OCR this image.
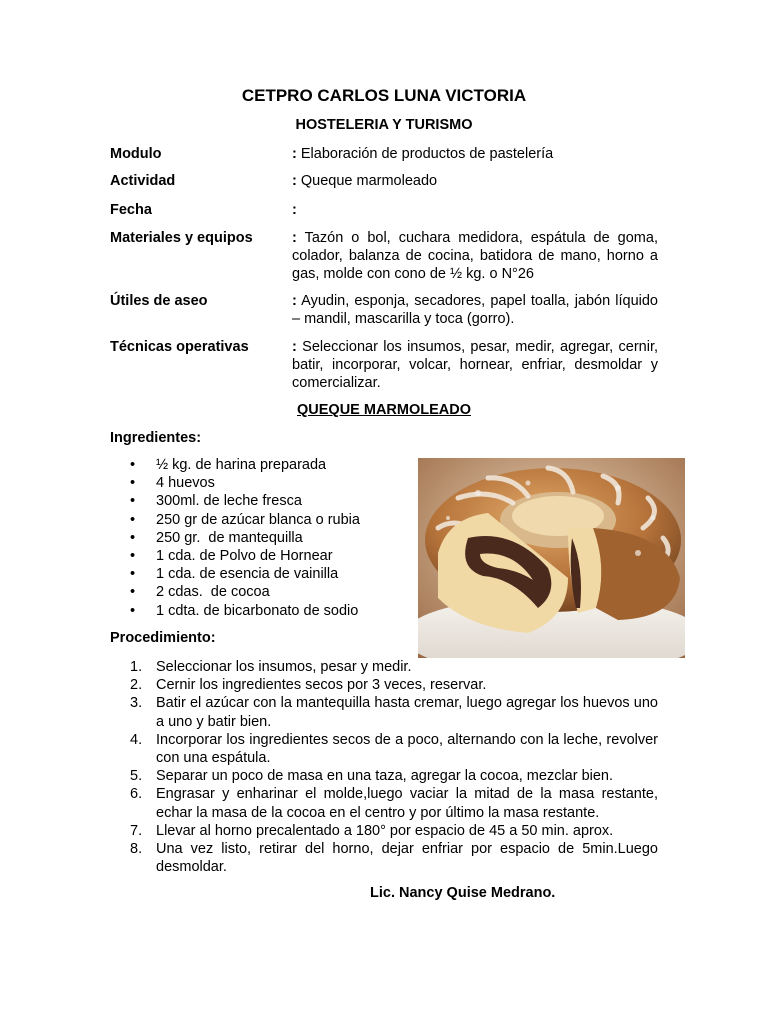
CETPRO CARLOS LUNA VICTORIA
HOSTELERIA Y TURISMO
Modulo	: Elaboración de productos de pastelería
Actividad	: Queque marmoleado
Fecha	:
Materiales y equipos	: Tazón o bol, cuchara medidora, espátula de goma, colador, balanza de cocina, batidora de mano, horno a gas, molde con cono de ½ kg. o N°26
Útiles de aseo	: Ayudin, esponja, secadores, papel toalla, jabón líquido – mandil, mascarilla y toca (gorro).
Técnicas operativas	: Seleccionar los insumos, pesar, medir, agregar, cernir, batir, incorporar, volcar, hornear, enfriar, desmoldar y comercializar.
QUEQUE MARMOLEADO
Ingredientes:
• ½ kg. de harina preparada
• 4 huevos
• 300ml. de leche fresca
• 250 gr de azúcar blanca o rubia
• 250 gr.  de mantequilla
• 1 cda. de Polvo de Hornear
• 1 cda. de esencia de vainilla
• 2 cdas.  de cocoa
• 1 cdta. de bicarbonato de sodio
Procedimiento:
1. Seleccionar los insumos, pesar y medir.
2. Cernir los ingredientes secos por 3 veces, reservar.
3. Batir el azúcar con la mantequilla hasta cremar, luego agregar los huevos uno a uno y batir bien.
4. Incorporar los ingredientes secos de a poco, alternando con la leche, revolver con una espátula.
5. Separar un poco de masa en una taza, agregar la cocoa, mezclar bien.
6. Engrasar y enharinar el molde,luego vaciar la mitad de la masa restante, echar la masa de la cocoa en el centro y por último la masa restante.
7. Llevar al horno precalentado a 180° por espacio de 45 a 50 min. aprox.
8. Una vez listo, retirar del horno, dejar enfriar por espacio de 5min.Luego desmoldar.
Lic. Nancy Quise Medrano.
